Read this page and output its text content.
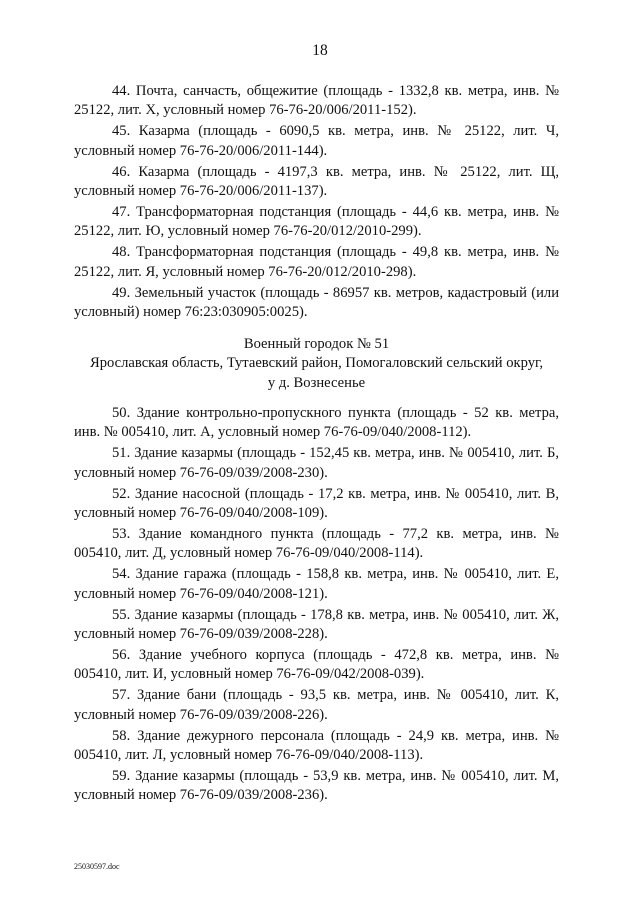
18

44. Почта, санчасть, общежитие (площадь - 1332,8 кв. метра, инв. № 25122, лит. Х, условный номер 76-76-20/006/2011-152).

45. Казарма (площадь - 6090,5 кв. метра, инв. № 25122, лит. Ч, условный номер 76-76-20/006/2011-144).

46. Казарма (площадь - 4197,3 кв. метра, инв. № 25122, лит. Щ, условный номер 76-76-20/006/2011-137).

47. Трансформаторная подстанция (площадь - 44,6 кв. метра, инв. № 25122, лит. Ю, условный номер 76-76-20/012/2010-299).

48. Трансформаторная подстанция (площадь - 49,8 кв. метра, инв. № 25122, лит. Я, условный номер 76-76-20/012/2010-298).

49. Земельный участок (площадь - 86957 кв. метров, кадастровый (или условный) номер 76:23:030905:0025).

Военный городок № 51
Ярославская область, Тутаевский район, Помогаловский сельский округ,
у д. Вознесенье

50. Здание контрольно-пропускного пункта (площадь - 52 кв. метра, инв. № 005410, лит. А, условный номер 76-76-09/040/2008-112).

51. Здание казармы (площадь - 152,45 кв. метра, инв. № 005410, лит. Б, условный номер 76-76-09/039/2008-230).

52. Здание насосной (площадь - 17,2 кв. метра, инв. № 005410, лит. В, условный номер 76-76-09/040/2008-109).

53. Здание командного пункта (площадь - 77,2 кв. метра, инв. № 005410, лит. Д, условный номер 76-76-09/040/2008-114).

54. Здание гаража (площадь - 158,8 кв. метра, инв. № 005410, лит. Е, условный номер 76-76-09/040/2008-121).

55. Здание казармы (площадь - 178,8 кв. метра, инв. № 005410, лит. Ж, условный номер 76-76-09/039/2008-228).

56. Здание учебного корпуса (площадь - 472,8 кв. метра, инв. № 005410, лит. И, условный номер 76-76-09/042/2008-039).

57. Здание бани (площадь - 93,5 кв. метра, инв. № 005410, лит. К, условный номер 76-76-09/039/2008-226).

58. Здание дежурного персонала (площадь - 24,9 кв. метра, инв. № 005410, лит. Л, условный номер 76-76-09/040/2008-113).

59. Здание казармы (площадь - 53,9 кв. метра, инв. № 005410, лит. М, условный номер 76-76-09/039/2008-236).

25030597.doc
